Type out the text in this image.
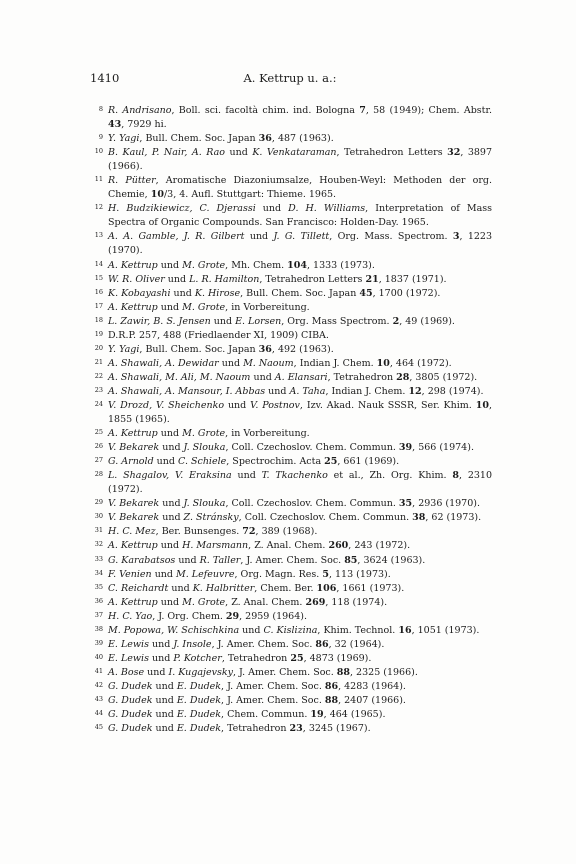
1410	A. Kettrup u. a.:

8 R. Andrisano, Boll. sci. facoltà chim. ind. Bologna 7, 58 (1949); Chem. Abstr. 43, 7929 hi.

9 Y. Yagi, Bull. Chem. Soc. Japan 36, 487 (1963).

10 B. Kaul, P. Nair, A. Rao und K. Venkataraman, Tetrahedron Letters 32, 3897 (1966).

11 R. Pütter, Aromatische Diazoniumsalze, Houben-Weyl: Methoden der org. Chemie, 10/3, 4. Aufl. Stuttgart: Thieme. 1965.

12 H. Budzikiewicz, C. Djerassi und D. H. Williams, Interpretation of Mass Spectra of Organic Compounds. San Francisco: Holden-Day. 1965.

13 A. A. Gamble, J. R. Gilbert und J. G. Tillett, Org. Mass. Spectrom. 3, 1223 (1970).

14 A. Kettrup und M. Grote, Mh. Chem. 104, 1333 (1973).

15 W. R. Oliver und L. R. Hamilton, Tetrahedron Letters 21, 1837 (1971).

16 K. Kobayashi und K. Hirose, Bull. Chem. Soc. Japan 45, 1700 (1972).

17 A. Kettrup und M. Grote, in Vorbereitung.

18 L. Zawir, B. S. Jensen und E. Lorsen, Org. Mass Spectrom. 2, 49 (1969).

19 D.R.P. 257, 488 (Friedlaender XI, 1909) CIBA.

20 Y. Yagi, Bull. Chem. Soc. Japan 36, 492 (1963).

21 A. Shawali, A. Dewidar und M. Naoum, Indian J. Chem. 10, 464 (1972).

22 A. Shawali, M. Ali, M. Naoum und A. Elansari, Tetrahedron 28, 3805 (1972).

23 A. Shawali, A. Mansour, I. Abbas und A. Taha, Indian J. Chem. 12, 298 (1974).

24 V. Drozd, V. Sheichenko und V. Postnov, Izv. Akad. Nauk SSSR, Ser. Khim. 10, 1855 (1965).

25 A. Kettrup und M. Grote, in Vorbereitung.

26 V. Bekarek und J. Slouka, Coll. Czechoslov. Chem. Commun. 39, 566 (1974).

27 G. Arnold und C. Schiele, Spectrochim. Acta 25, 661 (1969).

28 L. Shagalov, V. Eraksina und T. Tkachenko et al., Zh. Org. Khim. 8, 2310 (1972).

29 V. Bekarek und J. Slouka, Coll. Czechoslov. Chem. Commun. 35, 2936 (1970).

30 V. Bekarek und Z. Stránsky, Coll. Czechoslov. Chem. Commun. 38, 62 (1973).

31 H. C. Mez, Ber. Bunsenges. 72, 389 (1968).

32 A. Kettrup und H. Marsmann, Z. Anal. Chem. 260, 243 (1972).

33 G. Karabatsos und R. Taller, J. Amer. Chem. Soc. 85, 3624 (1963).

34 F. Venien und M. Lefeuvre, Org. Magn. Res. 5, 113 (1973).

35 C. Reichardt und K. Halbritter, Chem. Ber. 106, 1661 (1973).

36 A. Kettrup und M. Grote, Z. Anal. Chem. 269, 118 (1974).

37 H. C. Yao, J. Org. Chem. 29, 2959 (1964).

38 M. Popowa, W. Schischkina und C. Kislizina, Khim. Technol. 16, 1051 (1973).

39 E. Lewis und J. Insole, J. Amer. Chem. Soc. 86, 32 (1964).

40 E. Lewis und P. Kotcher, Tetrahedron 25, 4873 (1969).

41 A. Bose und I. Kugajevsky, J. Amer. Chem. Soc. 88, 2325 (1966).

42 G. Dudek und E. Dudek, J. Amer. Chem. Soc. 86, 4283 (1964).

43 G. Dudek und E. Dudek, J. Amer. Chem. Soc. 88, 2407 (1966).

44 G. Dudek und E. Dudek, Chem. Commun. 19, 464 (1965).

45 G. Dudek und E. Dudek, Tetrahedron 23, 3245 (1967).
